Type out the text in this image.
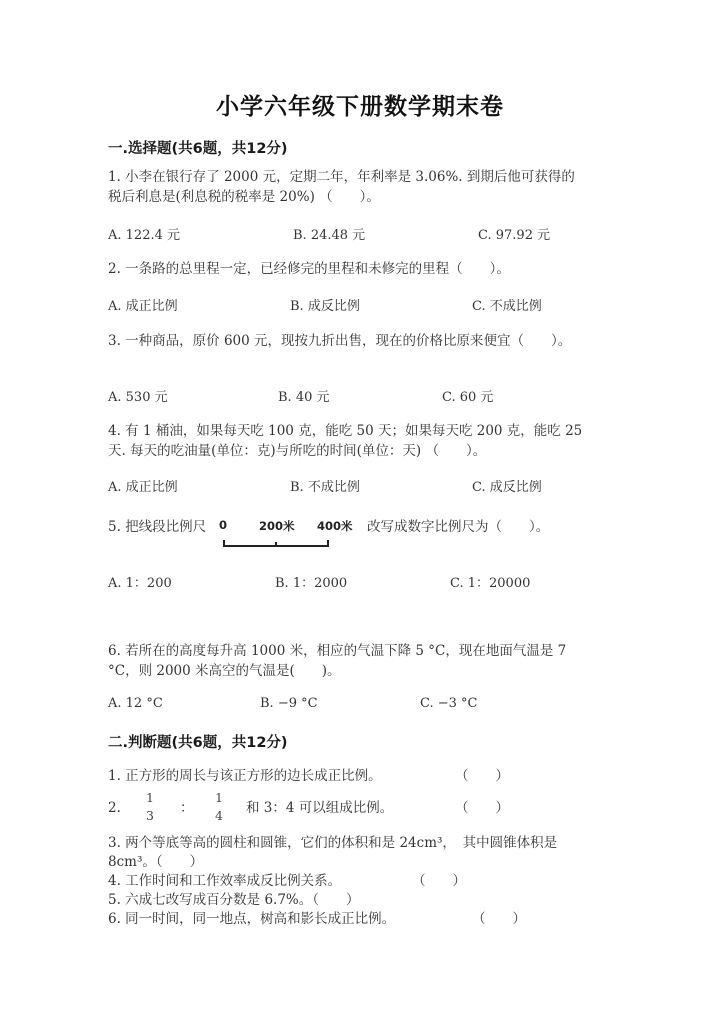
小学六年级下册数学期末卷
一.选择题(共6题，共12分)
1. 小李在银行存了 2000 元，定期二年，年利率是 3.06%. 到期后他可获得的
税后利息是(利息税的税率是 20%) （　　）。
A. 122.4 元	B. 24.48 元	C. 97.92 元
2. 一条路的总里程一定，已经修完的里程和未修完的里程（　　）。
A. 成正比例	B. 成反比例	C. 不成比例
3. 一种商品，原价 600 元，现按九折出售，现在的价格比原来便宜（　　）。
A. 530 元	B. 40 元	C. 60 元
4. 有 1 桶油，如果每天吃 100 克，能吃 50 天；如果每天吃 200 克，能吃 25
天. 每天的吃油量(单位：克)与所吃的时间(单位：天) （　　）。
A. 成正比例	B. 不成比例	C. 成反比例
5. 把线段比例尺 0	200米 400米 改写成数字比例尺为（　　）。
A. 1：200	B. 1：2000	C. 1：20000
6. 若所在的高度每升高 1000 米，相应的气温下降 5 °C，现在地面气温是 7
°C，则 2000 米高空的气温是(　　)。
A. 12 °C	B. −9 °C	C. −3 °C
二.判断题(共6题，共12分)
1. 正方形的周长与该正方形的边长成正比例。	（　　）
2.
1
3 ：
1
4 和 3：4 可以组成比例。	（　　）
3. 两个等底等高的圆柱和圆锥，它们的体积和是 24cm³，　其中圆锥体积是
8cm³。（　　）
4. 工作时间和工作效率成反比例关系。	（　　）
5. 六成七改写成百分数是 6.7%。（　　）
6. 同一时间，同一地点，树高和影长成正比例。	（　　）
